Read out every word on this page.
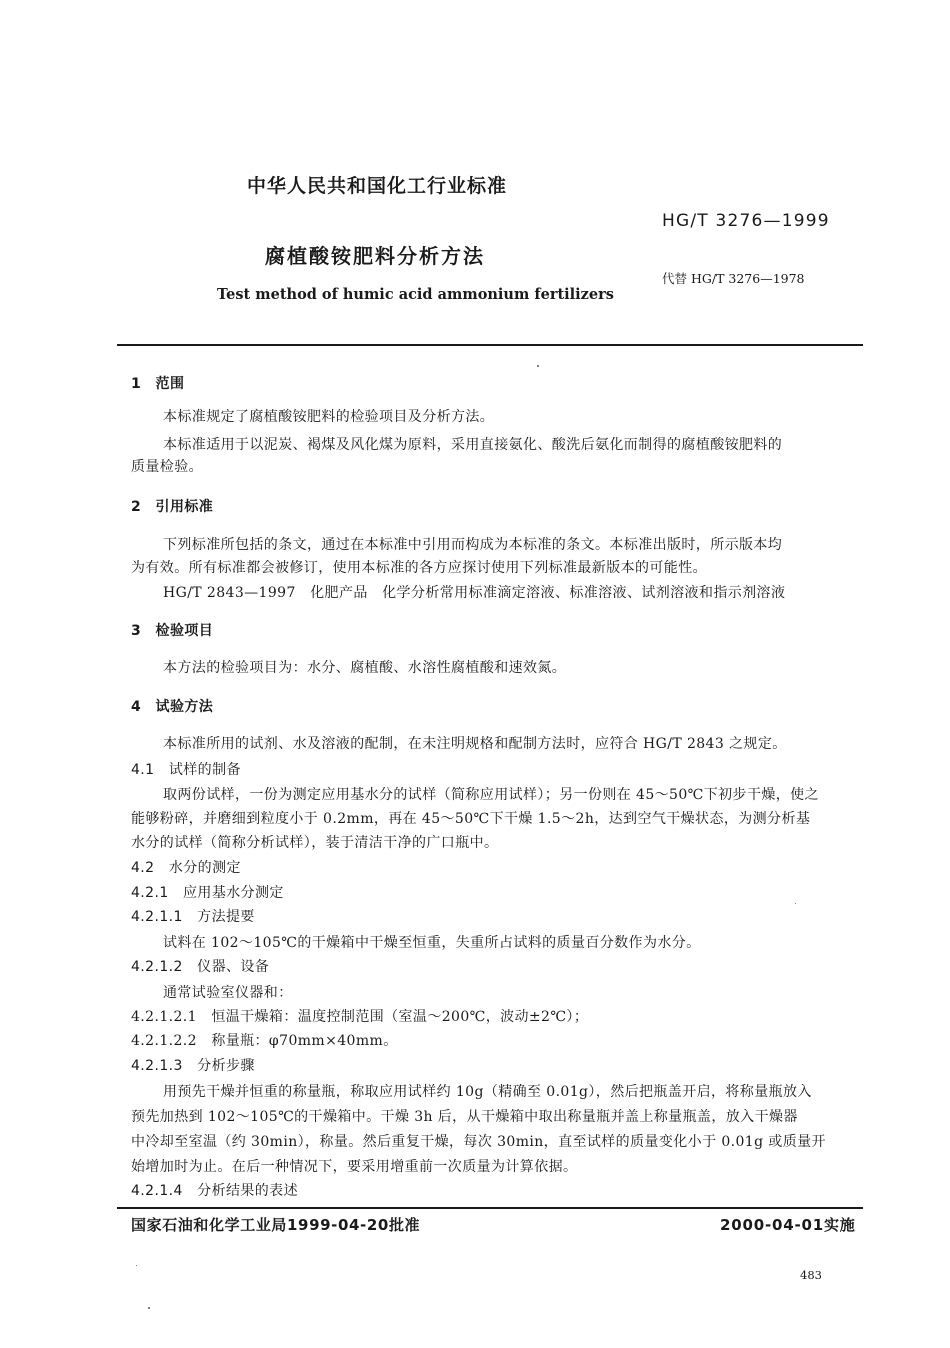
中华人民共和国化工行业标准
HG/T 3276—1999
腐植酸铵肥料分析方法
代替 HG/T 3276—1978
Test method of humic acid ammonium fertilizers
1　范围
本标准规定了腐植酸铵肥料的检验项目及分析方法。
本标准适用于以泥炭、褐煤及风化煤为原料，采用直接氨化、酸洗后氨化而制得的腐植酸铵肥料的
质量检验。
2　引用标准
下列标准所包括的条文，通过在本标准中引用而构成为本标准的条文。本标准出版时，所示版本均
为有效。所有标准都会被修订，使用本标准的各方应探讨使用下列标准最新版本的可能性。
HG/T 2843—1997　化肥产品　化学分析常用标准滴定溶液、标准溶液、试剂溶液和指示剂溶液
3　检验项目
本方法的检验项目为：水分、腐植酸、水溶性腐植酸和速效氮。
4　试验方法
本标准所用的试剂、水及溶液的配制，在未注明规格和配制方法时，应符合 HG/T 2843 之规定。
4.1　试样的制备
取两份试样，一份为测定应用基水分的试样（简称应用试样）；另一份则在 45～50℃下初步干燥，使之
能够粉碎，并磨细到粒度小于 0.2mm，再在 45～50℃下干燥 1.5～2h，达到空气干燥状态，为测分析基
水分的试样（简称分析试样），装于清洁干净的广口瓶中。
4.2　水分的测定
4.2.1　应用基水分测定
4.2.1.1　方法提要
试料在 102～105℃的干燥箱中干燥至恒重，失重所占试料的质量百分数作为水分。
4.2.1.2　仪器、设备
通常试验室仪器和：
4.2.1.2.1　恒温干燥箱：温度控制范围（室温～200℃，波动±2℃）；
4.2.1.2.2　称量瓶：φ70mm×40mm。
4.2.1.3　分析步骤
用预先干燥并恒重的称量瓶，称取应用试样约 10g（精确至 0.01g），然后把瓶盖开启，将称量瓶放入
预先加热到 102～105℃的干燥箱中。干燥 3h 后，从干燥箱中取出称量瓶并盖上称量瓶盖，放入干燥器
中冷却至室温（约 30min），称量。然后重复干燥，每次 30min，直至试样的质量变化小于 0.01g 或质量开
始增加时为止。在后一种情况下，要采用增重前一次质量为计算依据。
4.2.1.4　分析结果的表述
国家石油和化学工业局1999-04-20批准	2000-04-01实施
483
